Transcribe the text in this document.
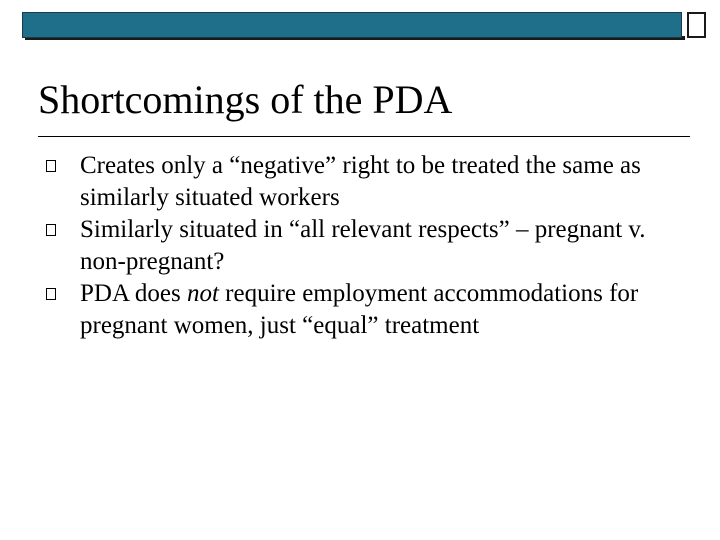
Shortcomings of the PDA
Creates only a “negative” right to be treated the same as similarly situated workers
Similarly situated in “all relevant respects” – pregnant v. non-pregnant?
PDA does not require employment accommodations for pregnant women, just “equal” treatment
